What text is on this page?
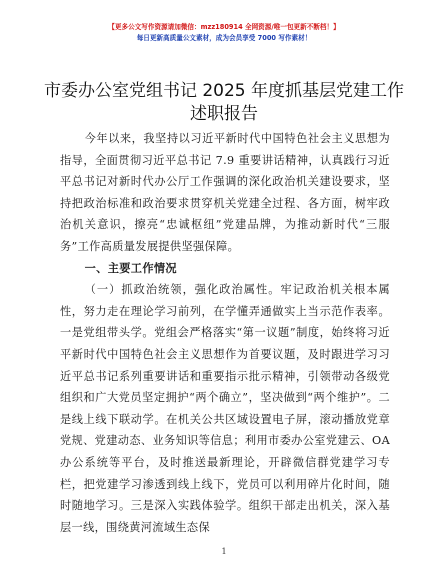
【更多公文写作资源请加微信：mzz180914 全网资源/唯一包更新不断档！】
每日更新高质量公文素材，成为会员享受 7000 写作素材！
市委办公室党组书记 2025 年度抓基层党建工作述职报告

今年以来，我坚持以习近平新时代中国特色社会主义思想为指导，全面贯彻习近平总书记 7.9 重要讲话精神，认真践行习近平总书记对新时代办公厅工作强调的深化政治机关建设要求，坚持把政治标准和政治要求贯穿机关党建全过程、各方面，树牢政治机关意识，擦亮“忠诚枢纽”党建品牌，为推动新时代“三服务”工作高质量发展提供坚强保障。

一、主要工作情况

（一）抓政治统领，强化政治属性。牢记政治机关根本属性，努力走在理论学习前列，在学懂弄通做实上当示范作表率。一是党组带头学。党组会严格落实“第一议题”制度，始终将习近平新时代中国特色社会主义思想作为首要议题，及时跟进学习习近平总书记系列重要讲话和重要指示批示精神，引领带动各级党组织和广大党员坚定拥护“两个确立”，坚决做到“两个维护”。二是线上线下联动学。在机关公共区域设置电子屏，滚动播放党章党规、党建动态、业务知识等信息；利用市委办公室党建云、OA 办公系统等平台，及时推送最新理论，开辟微信群党建学习专栏，把党建学习渗透到线上线下，党员可以利用碎片化时间，随时随地学习。三是深入实践体验学。组织干部走出机关，深入基层一线，围绕黄河流域生态保

1
